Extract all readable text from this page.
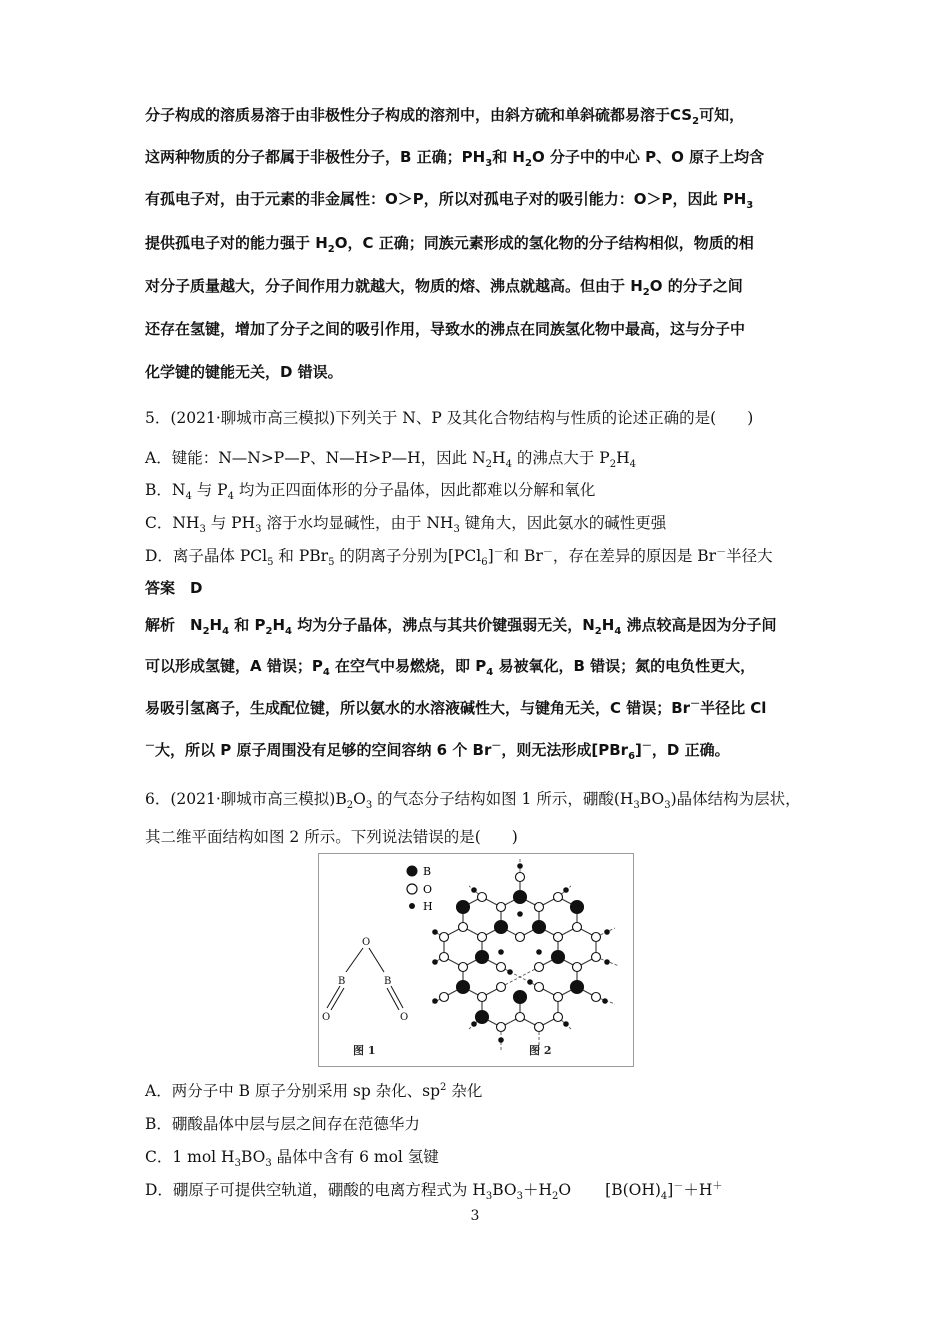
分子构成的溶质易溶于由非极性分子构成的溶剂中，由斜方硫和单斜硫都易溶于$CS_2$可知，
这两种物质的分子都属于非极性分子，B 正确；$PH_3$和 $H_2O$ 分子中的中心 P、O 原子上均含
有孤电子对，由于元素的非金属性：O＞P，所以对孤电子对的吸引能力：O＞P，因此 $PH_3$
提供孤电子对的能力强于 $H_2O$，C 正确；同族元素形成的氢化物的分子结构相似，物质的相
对分子质量越大，分子间作用力就越大，物质的熔、沸点就越高。但由于 $H_2O$ 的分子之间
还存在氢键，增加了分子之间的吸引作用，导致水的沸点在同族氢化物中最高，这与分子中
化学键的键能无关，D 错误。
5．(2021·聊城市高三模拟)下列关于 N、P 及其化合物结构与性质的论述正确的是(　　)
A．键能：N—N>P—P、N—H>P—H，因此 $N_2H_4$ 的沸点大于 $P_2H_4$
B．$N_4$ 与 $P_4$ 均为正四面体形的分子晶体，因此都难以分解和氧化
C．$NH_3$ 与 $PH_3$ 溶于水均显碱性，由于 $NH_3$ 键角大，因此氨水的碱性更强
D．离子晶体 PCl$_5$ 和 PBr$_5$ 的阴离子分别为[PCl$_6$]－和 Br－，存在差异的原因是 Br－半径大
答案　D
解析　$N_2H_4$ 和 $P_2H_4$ 均为分子晶体，沸点与其共价键强弱无关，$N_2H_4$ 沸点较高是因为分子间
可以形成氢键，A 错误；$P_4$ 在空气中易燃烧，即 $P_4$ 易被氧化，B 错误；氮的电负性更大，
易吸引氢离子，生成配位键，所以氨水的水溶液碱性大，与键角无关，C 错误；Br－半径比 Cl
－大，所以 P 原子周围没有足够的空间容纳 6 个 Br－，则无法形成[PBr$_6$]－，D 正确。
6．(2021·聊城市高三模拟)$B_2O_3$ 的气态分子结构如图 1 所示，硼酸$(H_3BO_3)$晶体结构为层状，
其二维平面结构如图 2 所示。下列说法错误的是(　　)
B
O
H
O
B	B
O	O
图 1	图 2
A．两分子中 B 原子分别采用 sp 杂化、$sp^2$ 杂化
B．硼酸晶体中层与层之间存在范德华力
C．1 mol $H_3BO_3$ 晶体中含有 6 mol 氢键
D．硼原子可提供空轨道，硼酸的电离方程式为 $H_3BO_3+H_2O$ $[B(OH)_4]^-+H^+$
3
